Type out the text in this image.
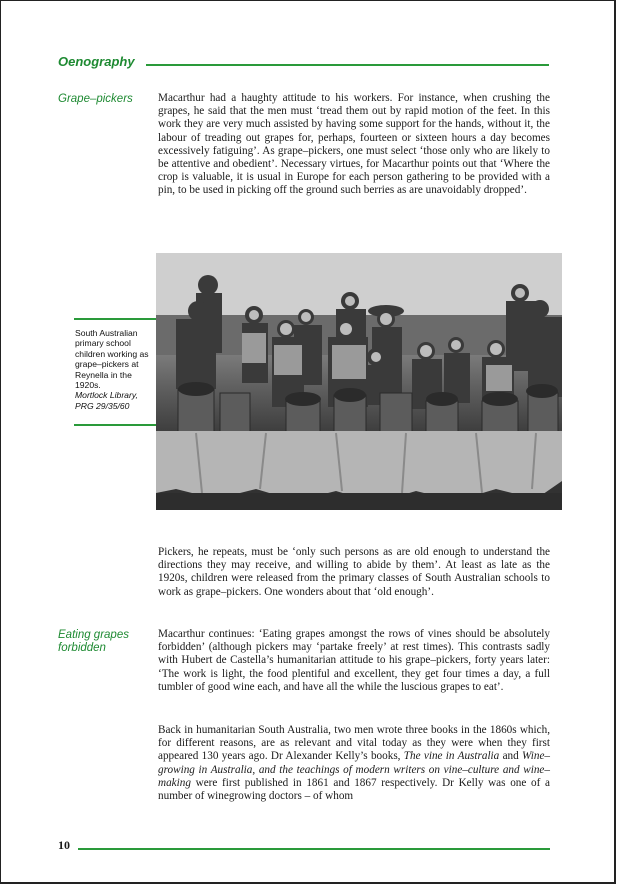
Oenography
Grape–pickers Macarthur had a haughty attitude to his workers. For instance, when crushing the grapes, he said that the men must ‘tread them out by rapid motion of the feet. In this work they are very much assisted by having some support for the hands, without it, the labour of treading out grapes for, perhaps, fourteen or sixteen hours a day becomes excessively fatiguing’. As grape–pickers, one must select ‘those only who are likely to be attentive and obedient’. Necessary virtues, for Macarthur points out that ‘Where the crop is valuable, it is usual in Europe for each person gathering to be provided with a pin, to be used in picking off the ground such berries as are unavoidably dropped’.

South Australian primary school children working as grape–pickers at Reynella in the 1920s.
Mortlock Library, PRG 29/35/60

Pickers, he repeats, must be ‘only such persons as are old enough to understand the directions they may receive, and willing to abide by them’. At least as late as the 1920s, children were released from the primary classes of South Australian schools to work as grape–pickers. One wonders about that ‘old enough’.

Eating grapes
forbidden

Macarthur continues: ‘Eating grapes amongst the rows of vines should be absolutely forbidden’ (although pickers may ‘partake freely’ at rest times). This contrasts sadly with Hubert de Castella’s humanitarian attitude to his grape–pickers, forty years later: ‘The work is light, the food plentiful and excellent, they get four times a day, a full tumbler of good wine each, and have all the while the luscious grapes to eat’.

Back in humanitarian South Australia, two men wrote three books in the 1860s which, for different reasons, are as relevant and vital today as they were when they first appeared 130 years ago. Dr Alexander Kelly’s books, The vine in Australia and Wine–growing in Australia, and the teachings of modern writers on vine–culture and wine–making were first published in 1861 and 1867 respectively. Dr Kelly was one of a number of winegrowing doctors – of whom

10
